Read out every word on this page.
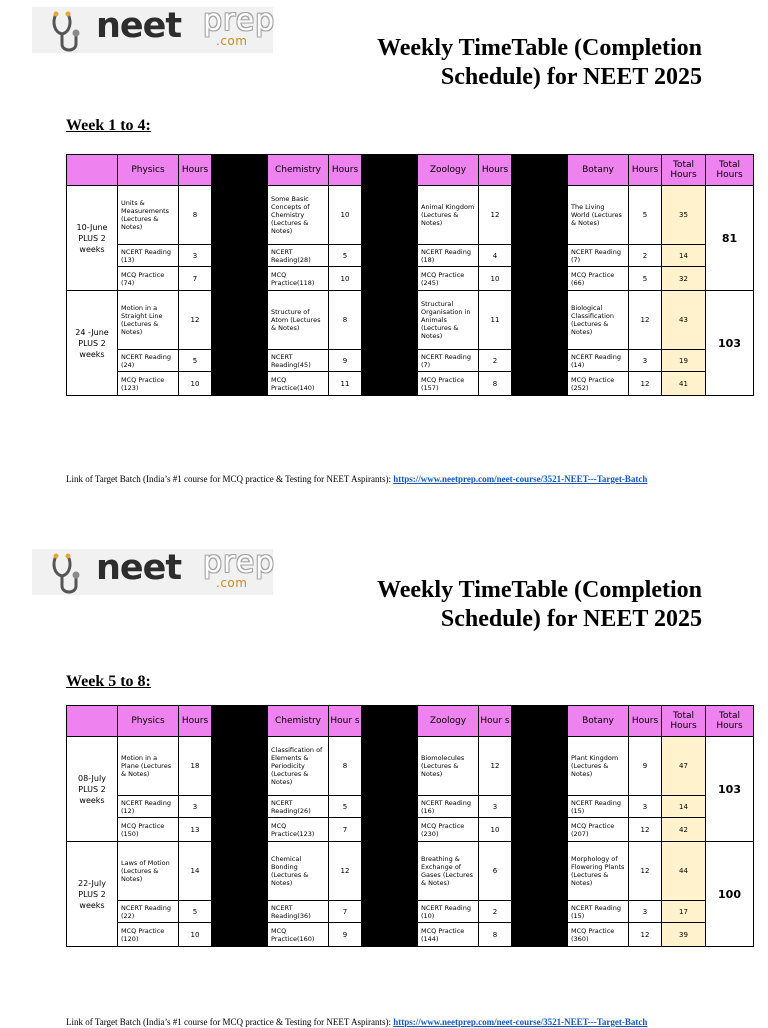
neet prep
.com	Weekly TimeTable (Completion Schedule) for NEET 2025
Week 1 to 4:
	Physics	Hours		Chemistry	Hours		Zoology	Hours		Botany	Hours	Total Hours	Total Hours
10-June PLUS 2 weeks	Units & Measurements (Lectures & Notes)	8		Some Basic Concepts of Chemistry (Lectures & Notes)	10		Animal Kingdom (Lectures & Notes)	12		The Living World (Lectures & Notes)	5	35	81
	NCERT Reading (13)	3		NCERT Reading(28)	5		NCERT Reading (18)	4		NCERT Reading (7)	2	14	
	MCQ Practice (74)	7		MCQ Practice(118)	10		MCQ Practice (245)	10		MCQ Practice (66)	5	32	
24 -June PLUS 2 weeks	Motion in a Straight Line (Lectures & Notes)	12		Structure of Atom (Lectures & Notes)	8		Structural Organisation in Animals (Lectures & Notes)	11		Biological Classification (Lectures & Notes)	12	43	103
	NCERT Reading (24)	5		NCERT Reading(45)	9		NCERT Reading (7)	2		NCERT Reading (14)	3	19	
	MCQ Practice (123)	10		MCQ Practice(140)	11		MCQ Practice (157)	8		MCQ Practice (252)	12	41	
Link of Target Batch (India’s #1 course for MCQ practice & Testing for NEET Aspirants): https://www.neetprep.com/neet-course/3521-NEET---Target-Batch
neet prep
.com	Weekly TimeTable (Completion Schedule) for NEET 2025
Week 5 to 8:
	Physics	Hours		Chemistry	Hour s		Zoology	Hour s		Botany	Hours	Total Hours	Total Hours
08-July PLUS 2 weeks	Motion in a Plane (Lectures & Notes)	18		Classification of Elements & Periodicity (Lectures & Notes)	8		Biomolecules (Lectures & Notes)	12		Plant Kingdom (Lectures & Notes)	9	47	103
	NCERT Reading (12)	3		NCERT Reading(26)	5		NCERT Reading (16)	3		NCERT Reading (15)	3	14	
	MCQ Practice (150)	13		MCQ Practice(123)	7		MCQ Practice (230)	10		MCQ Practice (207)	12	42	
22-July PLUS 2 weeks	Laws of Motion (Lectures & Notes)	14		Chemical Bonding (Lectures & Notes)	12		Breathing & Exchange of Gases (Lectures & Notes)	6		Morphology of Flowering Plants (Lectures & Notes)	12	44	100
	NCERT Reading (22)	5		NCERT Reading(36)	7		NCERT Reading (10)	2		NCERT Reading (15)	3	17	
	MCQ Practice (120)	10		MCQ Practice(160)	9		MCQ Practice (144)	8		MCQ Practice (360)	12	39	
Link of Target Batch (India’s #1 course for MCQ practice & Testing for NEET Aspirants): https://www.neetprep.com/neet-course/3521-NEET---Target-Batch
